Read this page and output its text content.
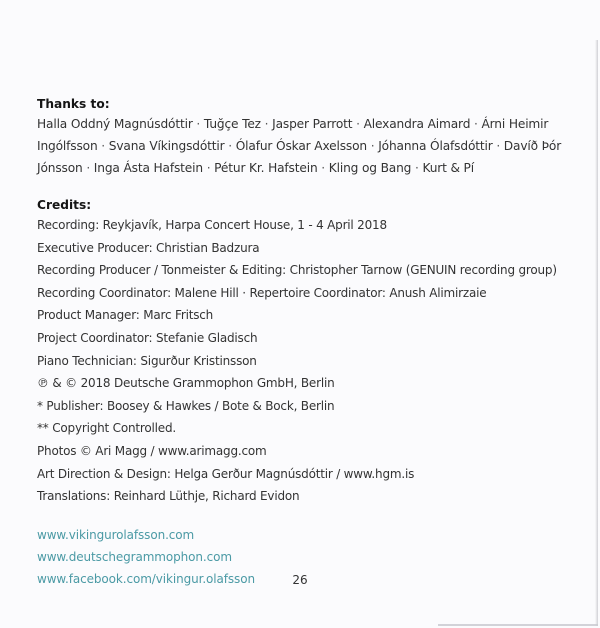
Thanks to:

Halla Oddný Magnúsdóttir · Tuğçe Tez · Jasper Parrott · Alexandra Aimard · Árni Heimir Ingólfsson · Svana Víkingsdóttir · Ólafur Óskar Axelsson · Jóhanna Ólafsdóttir · Davíð Þór Jónsson · Inga Ásta Hafstein · Pétur Kr. Hafstein · Kling og Bang · Kurt & Pí

Credits:
Recording: Reykjavík, Harpa Concert House, 1 - 4 April 2018
Executive Producer: Christian Badzura
Recording Producer / Tonmeister & Editing: Christopher Tarnow (GENUIN recording group)
Recording Coordinator: Malene Hill · Repertoire Coordinator: Anush Alimirzaie
Product Manager: Marc Fritsch
Project Coordinator: Stefanie Gladisch
Piano Technician: Sigurður Kristinsson
℗ & © 2018 Deutsche Grammophon GmbH, Berlin
* Publisher: Boosey & Hawkes / Bote & Bock, Berlin
** Copyright Controlled.
Photos © Ari Magg / www.arimagg.com
Art Direction & Design: Helga Gerður Magnúsdóttir / www.hgm.is
Translations: Reinhard Lüthje, Richard Evidon
www.vikingurolafsson.com
www.deutschegrammophon.com
www.facebook.com/vikingur.olafsson	26
